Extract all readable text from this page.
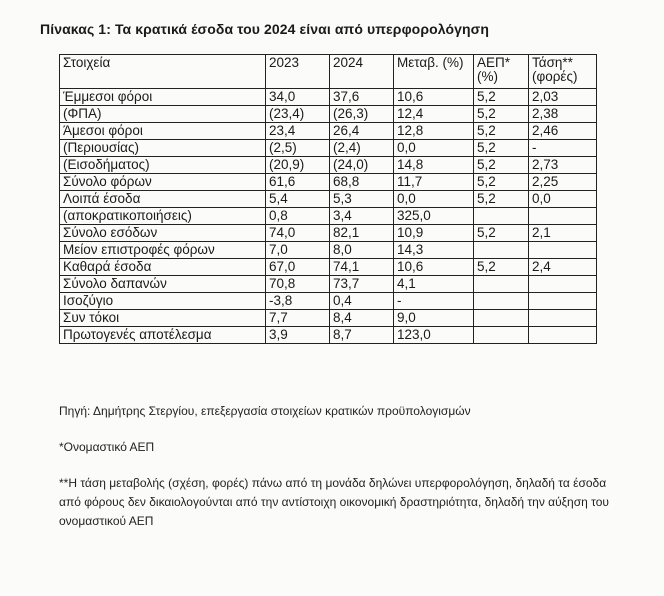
Πίνακας 1: Τα κρατικά έσοδα του 2024 είναι από υπερφορολόγηση
Στοιχεία	2023	2024	Μεταβ. (%)	ΑΕΠ* (%)	Τάση** (φορές)
Έμμεσοι φόροι	34,0	37,6	10,6	5,2	2,03
(ΦΠΑ)	(23,4)	(26,3)	12,4	5,2	2,38
Άμεσοι φόροι	23,4	26,4	12,8	5,2	2,46
(Περιουσίας)	(2,5)	(2,4)	0,0	5,2	-
(Εισοδήματος)	(20,9)	(24,0)	14,8	5,2	2,73
Σύνολο φόρων	61,6	68,8	11,7	5,2	2,25
Λοιπά έσοδα	5,4	5,3	0,0	5,2	0,0
(αποκρατικοποιήσεις)	0,8	3,4	325,0		
Σύνολο εσόδων	74,0	82,1	10,9	5,2	2,1
Μείον επιστροφές φόρων	7,0	8,0	14,3		
Καθαρά έσοδα	67,0	74,1	10,6	5,2	2,4
Σύνολο δαπανών	70,8	73,7	4,1		
Ισοζύγιο	-3,8	0,4	-		
Συν τόκοι	7,7	8,4	9,0		
Πρωτογενές αποτέλεσμα	3,9	8,7	123,0		
Πηγή: Δημήτρης Στεργίου, επεξεργασία στοιχείων κρατικών προϋπολογισμών
*Ονομαστικό ΑΕΠ
**Η τάση μεταβολής (σχέση, φορές) πάνω από τη μονάδα δηλώνει υπερφορολόγηση, δηλαδή τα έσοδα από φόρους δεν δικαιολογούνται από την αντίστοιχη οικονομική δραστηριότητα, δηλαδή την αύξηση του ονομαστικού ΑΕΠ
